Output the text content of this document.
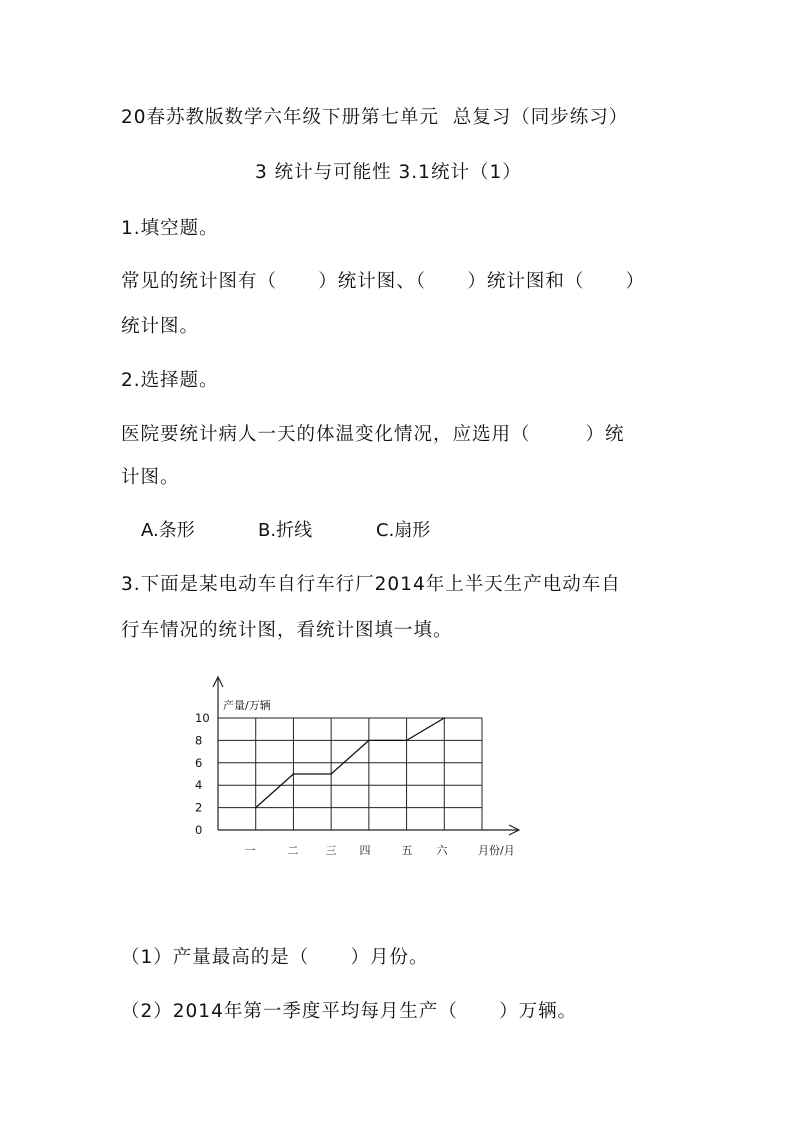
20春苏教版数学六年级下册第七单元  总复习（同步练习）
3 统计与可能性 3.1统计（1）
1.填空题。
常见的统计图有（      ）统计图、（      ）统计图和（      ）
统计图。
2.选择题。
医院要统计病人一天的体温变化情况，应选用（        ）统
计图。
A.条形	B.折线	C.扇形
3.下面是某电动车自行车行厂2014年上半天生产电动车自
行车情况的统计图，看统计图填一填。
0
2
4
6
8
10
一	二 三 四	五 六
产量/万辆
月份/月
（1）产量最高的是（      ）月份。
（2）2014年第一季度平均每月生产（      ）万辆。
